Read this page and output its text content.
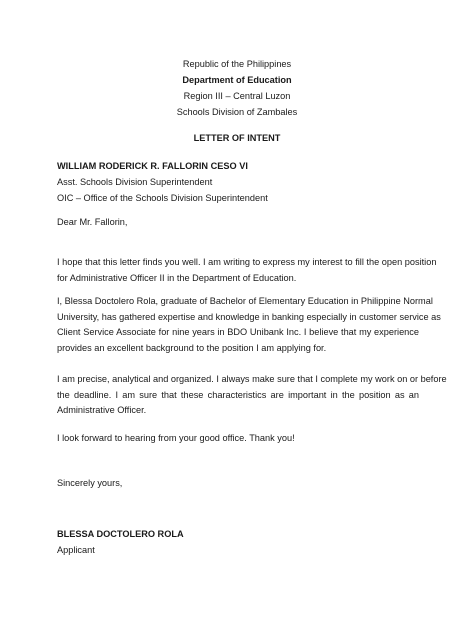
Republic of the Philippines
Department of Education
Region III – Central Luzon
Schools Division of Zambales
LETTER OF INTENT
WILLIAM RODERICK R. FALLORIN CESO VI
Asst. Schools Division Superintendent
OIC – Office of the Schools Division Superintendent
Dear Mr. Fallorin,
I hope that this letter finds you well. I am writing to express my interest to fill the open position
for Administrative Officer II in the Department of Education.
I, Blessa Doctolero Rola, graduate of Bachelor of Elementary Education in Philippine Normal
University, has gathered expertise and knowledge in banking especially in customer service as
Client Service Associate for nine years in BDO Unibank Inc. I believe that my experience
provides an excellent background to the position I am applying for.
I am precise, analytical and organized. I always make sure that I complete my work on or before
the deadline. I am sure that these characteristics are important in the position as an
Administrative Officer.
I look forward to hearing from your good office. Thank you!
Sincerely yours,
BLESSA DOCTOLERO ROLA
Applicant
